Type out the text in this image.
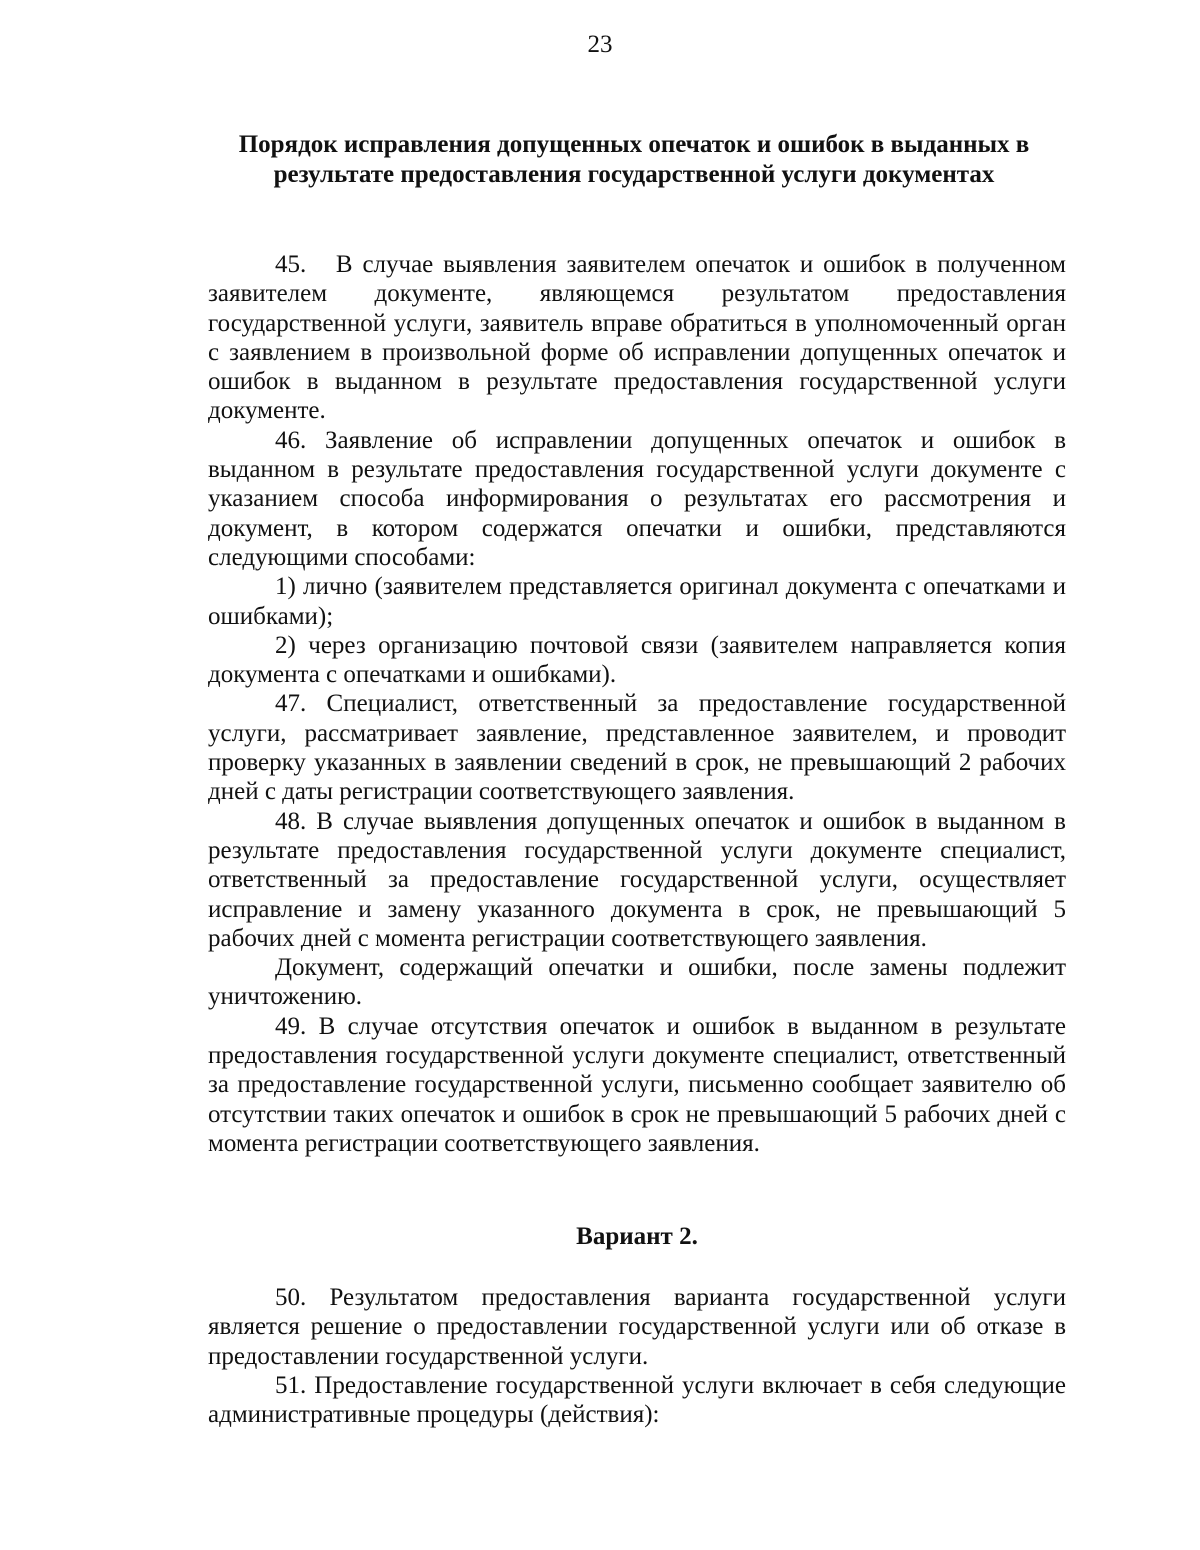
23
Порядок исправления допущенных опечаток и ошибок в выданных в результате предоставления государственной услуги документах

45.   В случае выявления заявителем опечаток и ошибок в полученном заявителем документе, являющемся результатом предоставления государственной услуги, заявитель вправе обратиться в уполномоченный орган с заявлением в произвольной форме об исправлении допущенных опечаток и ошибок в выданном в результате предоставления государственной услуги документе.

46. Заявление об исправлении допущенных опечаток и ошибок в выданном в результате предоставления государственной услуги документе с указанием способа информирования о результатах его рассмотрения и документ, в котором содержатся опечатки и ошибки, представляются следующими способами:

1) лично (заявителем представляется оригинал документа с опечатками и ошибками);

2) через организацию почтовой связи (заявителем направляется копия документа с опечатками и ошибками).

47. Специалист, ответственный за предоставление государственной услуги, рассматривает заявление, представленное заявителем, и проводит проверку указанных в заявлении сведений в срок, не превышающий 2 рабочих дней с даты регистрации соответствующего заявления.

48. В случае выявления допущенных опечаток и ошибок в выданном в результате предоставления государственной услуги документе специалист, ответственный за предоставление государственной услуги, осуществляет исправление и замену указанного документа в срок, не превышающий 5 рабочих дней с момента регистрации соответствующего заявления.

Документ, содержащий опечатки и ошибки, после замены подлежит уничтожению.

49. В случае отсутствия опечаток и ошибок в выданном в результате предоставления государственной услуги документе специалист, ответственный за предоставление государственной услуги, письменно сообщает заявителю об отсутствии таких опечаток и ошибок в срок не превышающий 5 рабочих дней с момента регистрации соответствующего заявления.

Вариант 2.

50. Результатом предоставления варианта государственной услуги является решение о предоставлении государственной услуги или об отказе в предоставлении государственной услуги.

51. Предоставление государственной услуги включает в себя следующие административные процедуры (действия):
